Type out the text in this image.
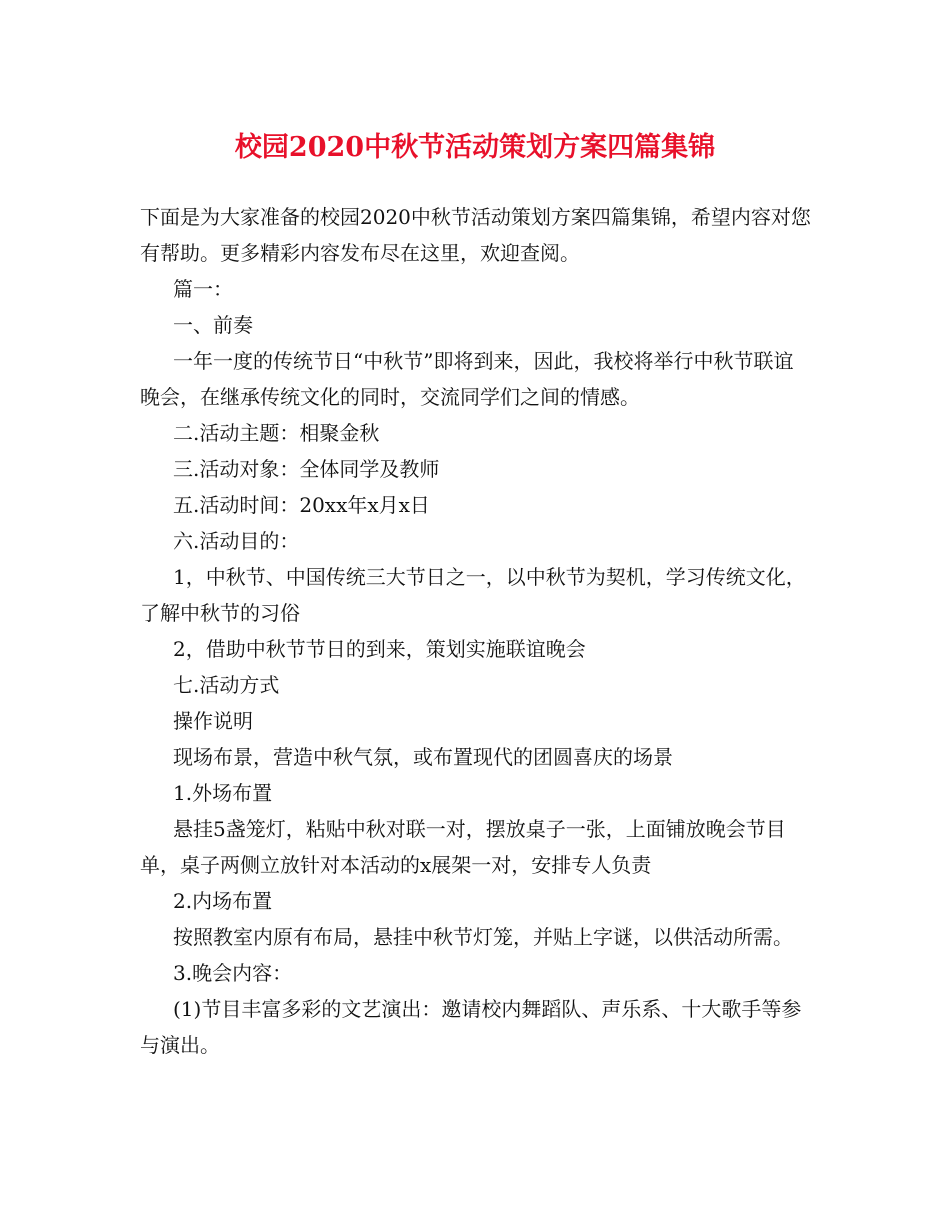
校园2020中秋节活动策划方案四篇集锦

下面是为大家准备的校园2020中秋节活动策划方案四篇集锦，希望内容对您有帮助。更多精彩内容发布尽在这里，欢迎查阅。

篇一：

一、前奏

一年一度的传统节日“中秋节”即将到来，因此，我校将举行中秋节联谊晚会，在继承传统文化的同时，交流同学们之间的情感。

二.活动主题：相聚金秋

三.活动对象：全体同学及教师

五.活动时间：20xx年x月x日

六.活动目的：

1，中秋节、中国传统三大节日之一，以中秋节为契机，学习传统文化，了解中秋节的习俗

2，借助中秋节节日的到来，策划实施联谊晚会

七.活动方式

操作说明

现场布景，营造中秋气氛，或布置现代的团圆喜庆的场景

1.外场布置

悬挂5盏笼灯，粘贴中秋对联一对，摆放桌子一张，上面铺放晚会节目单，桌子两侧立放针对本活动的x展架一对，安排专人负责

2.内场布置

按照教室内原有布局，悬挂中秋节灯笼，并贴上字谜，以供活动所需。

3.晚会内容：

(1)节目丰富多彩的文艺演出：邀请校内舞蹈队、声乐系、十大歌手等参与演出。
